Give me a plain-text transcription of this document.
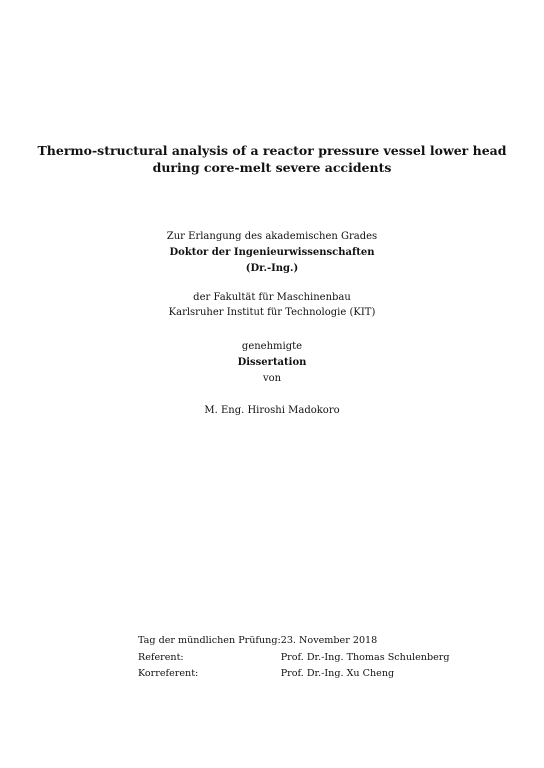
Thermo-structural analysis of a reactor pressure vessel lower head
during core-melt severe accidents
Zur Erlangung des akademischen Grades
Doktor der Ingenieurwissenschaften
(Dr.-Ing.)
der Fakultät für Maschinenbau
Karlsruher Institut für Technologie (KIT)
genehmigte
Dissertation
von
M. Eng. Hiroshi Madokoro
Tag der mündlichen Prüfung:	23. November 2018
Referent:	Prof. Dr.-Ing. Thomas Schulenberg
Korreferent:	Prof. Dr.-Ing. Xu Cheng
